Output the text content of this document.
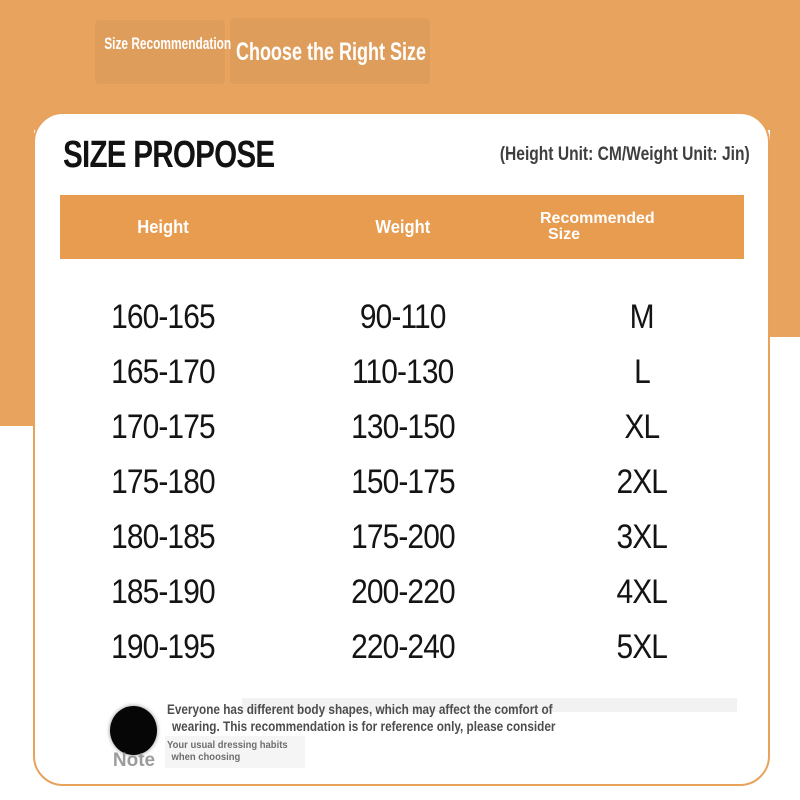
Size Recommendation Choose the Right Size
SIZE PROPOSE	(Height Unit: CM/Weight Unit: Jin)
Height	Weight	Recommended
Size
160-165	90-110	M
165-170	110-130	L
170-175	130-150	XL
175-180	150-175	2XL
180-185	175-200	3XL
185-190	200-220	4XL
190-195	220-240	5XL
Note
Everyone has different body shapes, which may affect the comfort of
wearing. This recommendation is for reference only, please consider
Your usual dressing habits
when choosing
